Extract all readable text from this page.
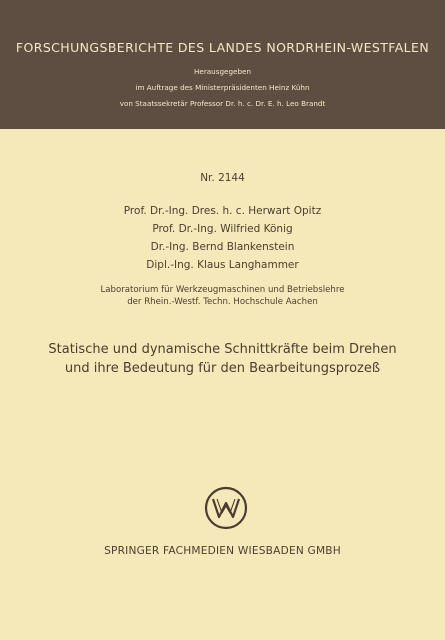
FORSCHUNGSBERICHTE DES LANDES NORDRHEIN-WESTFALEN
Herausgegeben
im Auftrage des Ministerpräsidenten Heinz Kühn
von Staatssekretär Professor Dr. h. c. Dr. E. h. Leo Brandt
Nr. 2144
Prof. Dr.-Ing. Dres. h. c. Herwart Opitz
Prof. Dr.-Ing. Wilfried König
Dr.-Ing. Bernd Blankenstein
Dipl.-Ing. Klaus Langhammer
Laboratorium für Werkzeugmaschinen und Betriebslehre
der Rhein.-Westf. Techn. Hochschule Aachen
Statische und dynamische Schnittkräfte beim Drehen
und ihre Bedeutung für den Bearbeitungsprozeß
SPRINGER FACHMEDIEN WIESBADEN GMBH
